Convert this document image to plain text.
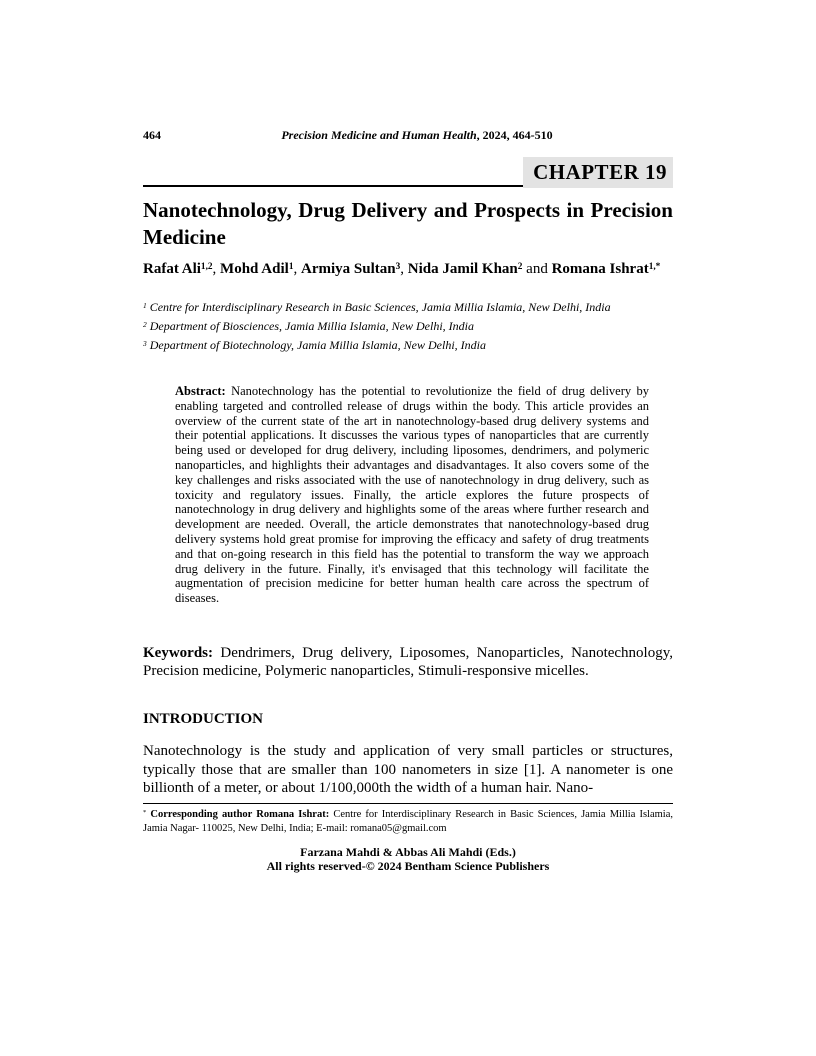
464	Precision Medicine and Human Health, 2024, 464-510
CHAPTER 19
Nanotechnology, Drug Delivery and Prospects in Precision Medicine
Rafat Ali$^{1,2}$, Mohd Adil$^1$, Armiya Sultan$^3$, Nida Jamil Khan$^2$ and Romana Ishrat$^{1,*}$

$^1$ Centre for Interdisciplinary Research in Basic Sciences, Jamia Millia Islamia, New Delhi, India

$^2$ Department of Biosciences, Jamia Millia Islamia, New Delhi, India

$^3$ Department of Biotechnology, Jamia Millia Islamia, New Delhi, India

Abstract: Nanotechnology has the potential to revolutionize the field of drug delivery by enabling targeted and controlled release of drugs within the body. This article provides an overview of the current state of the art in nanotechnology-based drug delivery systems and their potential applications. It discusses the various types of nanoparticles that are currently being used or developed for drug delivery, including liposomes, dendrimers, and polymeric nanoparticles, and highlights their advantages and disadvantages. It also covers some of the key challenges and risks associated with the use of nanotechnology in drug delivery, such as toxicity and regulatory issues. Finally, the article explores the future prospects of nanotechnology in drug delivery and highlights some of the areas where further research and development are needed. Overall, the article demonstrates that nanotechnology-based drug delivery systems hold great promise for improving the efficacy and safety of drug treatments and that on-going research in this field has the potential to transform the way we approach drug delivery in the future. Finally, it's envisaged that this technology will facilitate the augmentation of precision medicine for better human health care across the spectrum of diseases.
Keywords: Dendrimers, Drug delivery, Liposomes, Nanoparticles, Nanotechnology, Precision medicine, Polymeric nanoparticles, Stimuli-responsive micelles.
INTRODUCTION

Nanotechnology is the study and application of very small particles or structures, typically those that are smaller than 100 nanometers in size [1]. A nanometer is one billionth of a meter, or about 1/100,000th the width of a human hair. Nano-

* Corresponding author Romana Ishrat: Centre for Interdisciplinary Research in Basic Sciences, Jamia Millia Islamia, Jamia Nagar- 110025, New Delhi, India; E-mail: romana05@gmail.com

Farzana Mahdi & Abbas Ali Mahdi (Eds.)

All rights reserved-© 2024 Bentham Science Publishers
